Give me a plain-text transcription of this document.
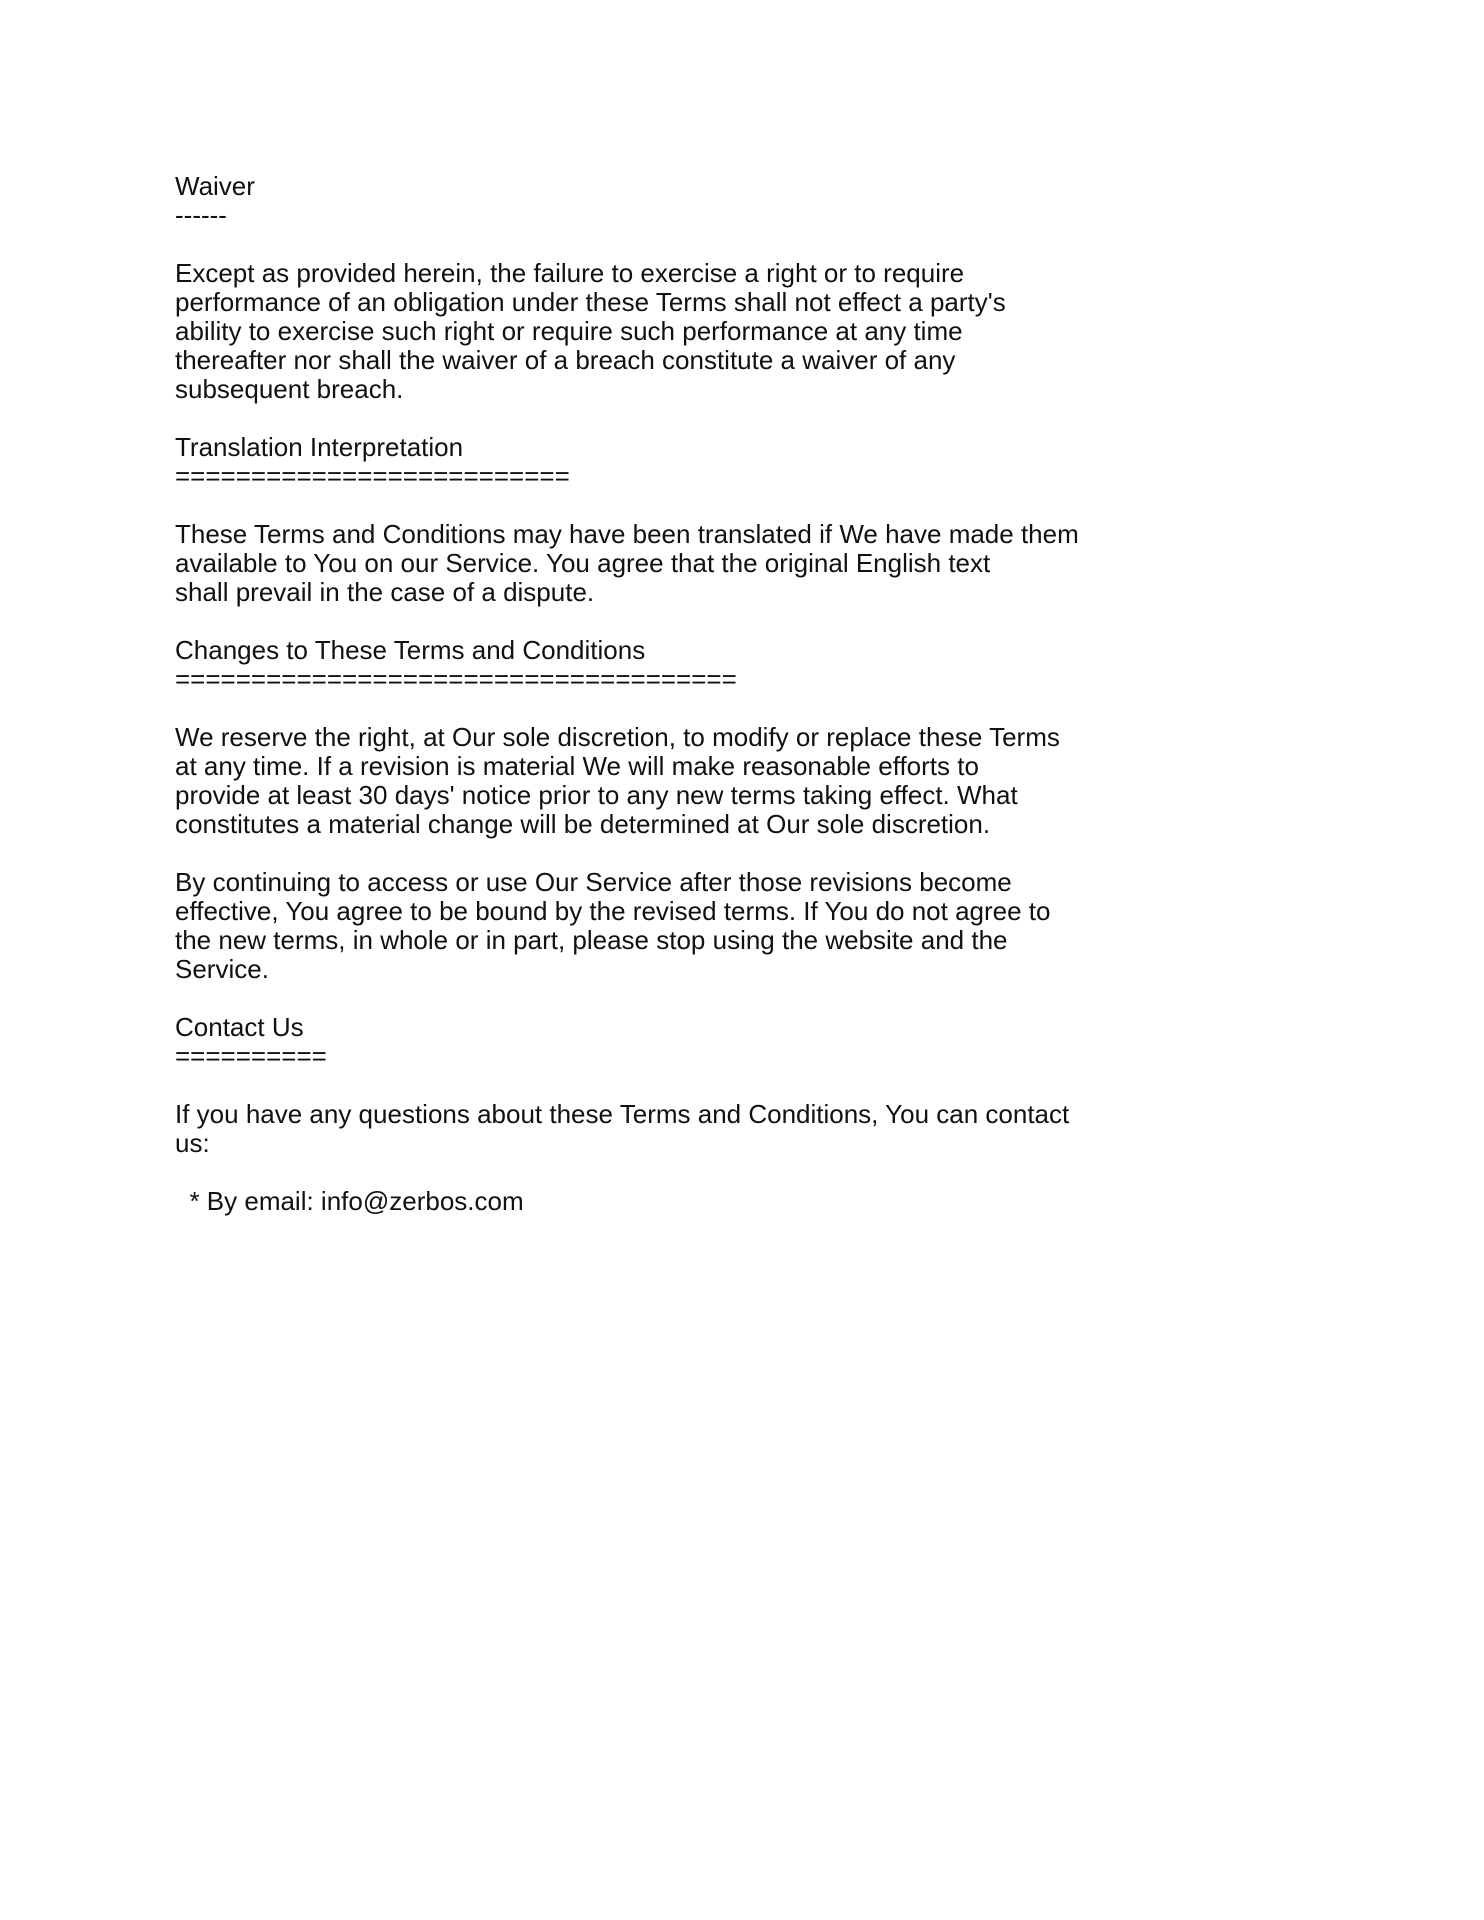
Waiver
------
Except as provided herein, the failure to exercise a right or to require
performance of an obligation under these Terms shall not effect a party's
ability to exercise such right or require such performance at any time
thereafter nor shall the waiver of a breach constitute a waiver of any
subsequent breach.
Translation Interpretation
==========================
These Terms and Conditions may have been translated if We have made them
available to You on our Service. You agree that the original English text
shall prevail in the case of a dispute.
Changes to These Terms and Conditions
=====================================
We reserve the right, at Our sole discretion, to modify or replace these Terms
at any time. If a revision is material We will make reasonable efforts to
provide at least 30 days' notice prior to any new terms taking effect. What
constitutes a material change will be determined at Our sole discretion.
By continuing to access or use Our Service after those revisions become
effective, You agree to be bound by the revised terms. If You do not agree to
the new terms, in whole or in part, please stop using the website and the
Service.
Contact Us
==========
If you have any questions about these Terms and Conditions, You can contact
us:
* By email: info@zerbos.com
